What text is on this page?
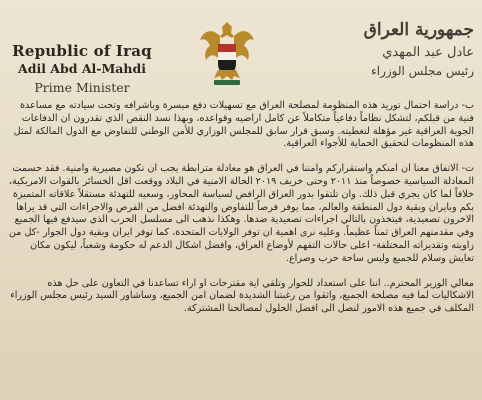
Republic of Iraq
Adil Abd Al-Mahdi
Prime Minister
جمهورية العراق
عادل عبد المهدي
رئيس مجلس الوزراء

ب- دراسة احتمال توريد هذه المنظومة لمصلحة العراق مع تسهيلات دفع ميسرة وباشرافه وتحت سيادته مع مساعدة فنية من قبلكم، لتشكل نظاماً دفاعياً متكاملاً عن كامل اراضيه وقواعده، وبهذا نسد النقص الذي تقدرون ان الدفاعات الجوية العراقية غير مؤهلة لتغطيته. وسبق قرار سابق للمجلس الوزاري للأمن الوطني للتفاوض مع الدول المالكة لمثل هذه المنظومات لتحقيق الحماية للأجواء العراقية.

ت- الاتفاق معنا ان امنكم واستقراركم وامننا في العراق هو معادلة مترابطة يجب ان تكون مصيرية وامنية. فقد حسمت المعادلة السياسية خصوصاً منذ ٢٠١١ وحتى خريف ٢٠١٩ الحالة الامنية في البلاد ووقعت اقل الخسائر بالقوات الامريكية، خلافاً لما كان يجري قبل ذلك. وان تلتقوا بدور العراق الرافض لسياسة المحاور، وسعيه للتهدئة مستقلاً علاقاته المتميزة بكم وبايران وبقية دول المنطقة والعالم، مما يوفر فرصاً للتفاوض والتهدئة افضل من الفرص والاجراءات التي قد يراها الاخرون تصعيدية، فيتخذون بالتالي اجراءات تصعيدية ضدها. وهكذا نذهب الى مسلسل الحرب الذي سيدفع فيها الجميع وفي مقدمتهم العراق ثمناً عظيماً. وعليه نرى اهمية ان توفر الولايات المتحدة، كما توفر ايران وبقية دول الجوار -كل من زاويته وتقديراته المختلفة- اعلى حالات التفهم لأوضاع العراق، وافضل اشكال الدعم له حكومة وشعباً، ليكون مكان تعايش وسلام للجميع وليس ساحة حرب وصراع.

معالي الوزير المحترم.. اننا على استعداد للحوار وتلقي اية مقترحات او اراء تساعدنا في التعاون على حل هذه الاشكاليات لما فيه مصلحة الجميع، واثقوا من رغبتنا الشديدة لضمان امن الجميع، وساشاور السيد رئيس مجلس الوزراء المكلف في جميع هذه الامور لنصل الى افضل الحلول لمصالحنا المشتركة.
